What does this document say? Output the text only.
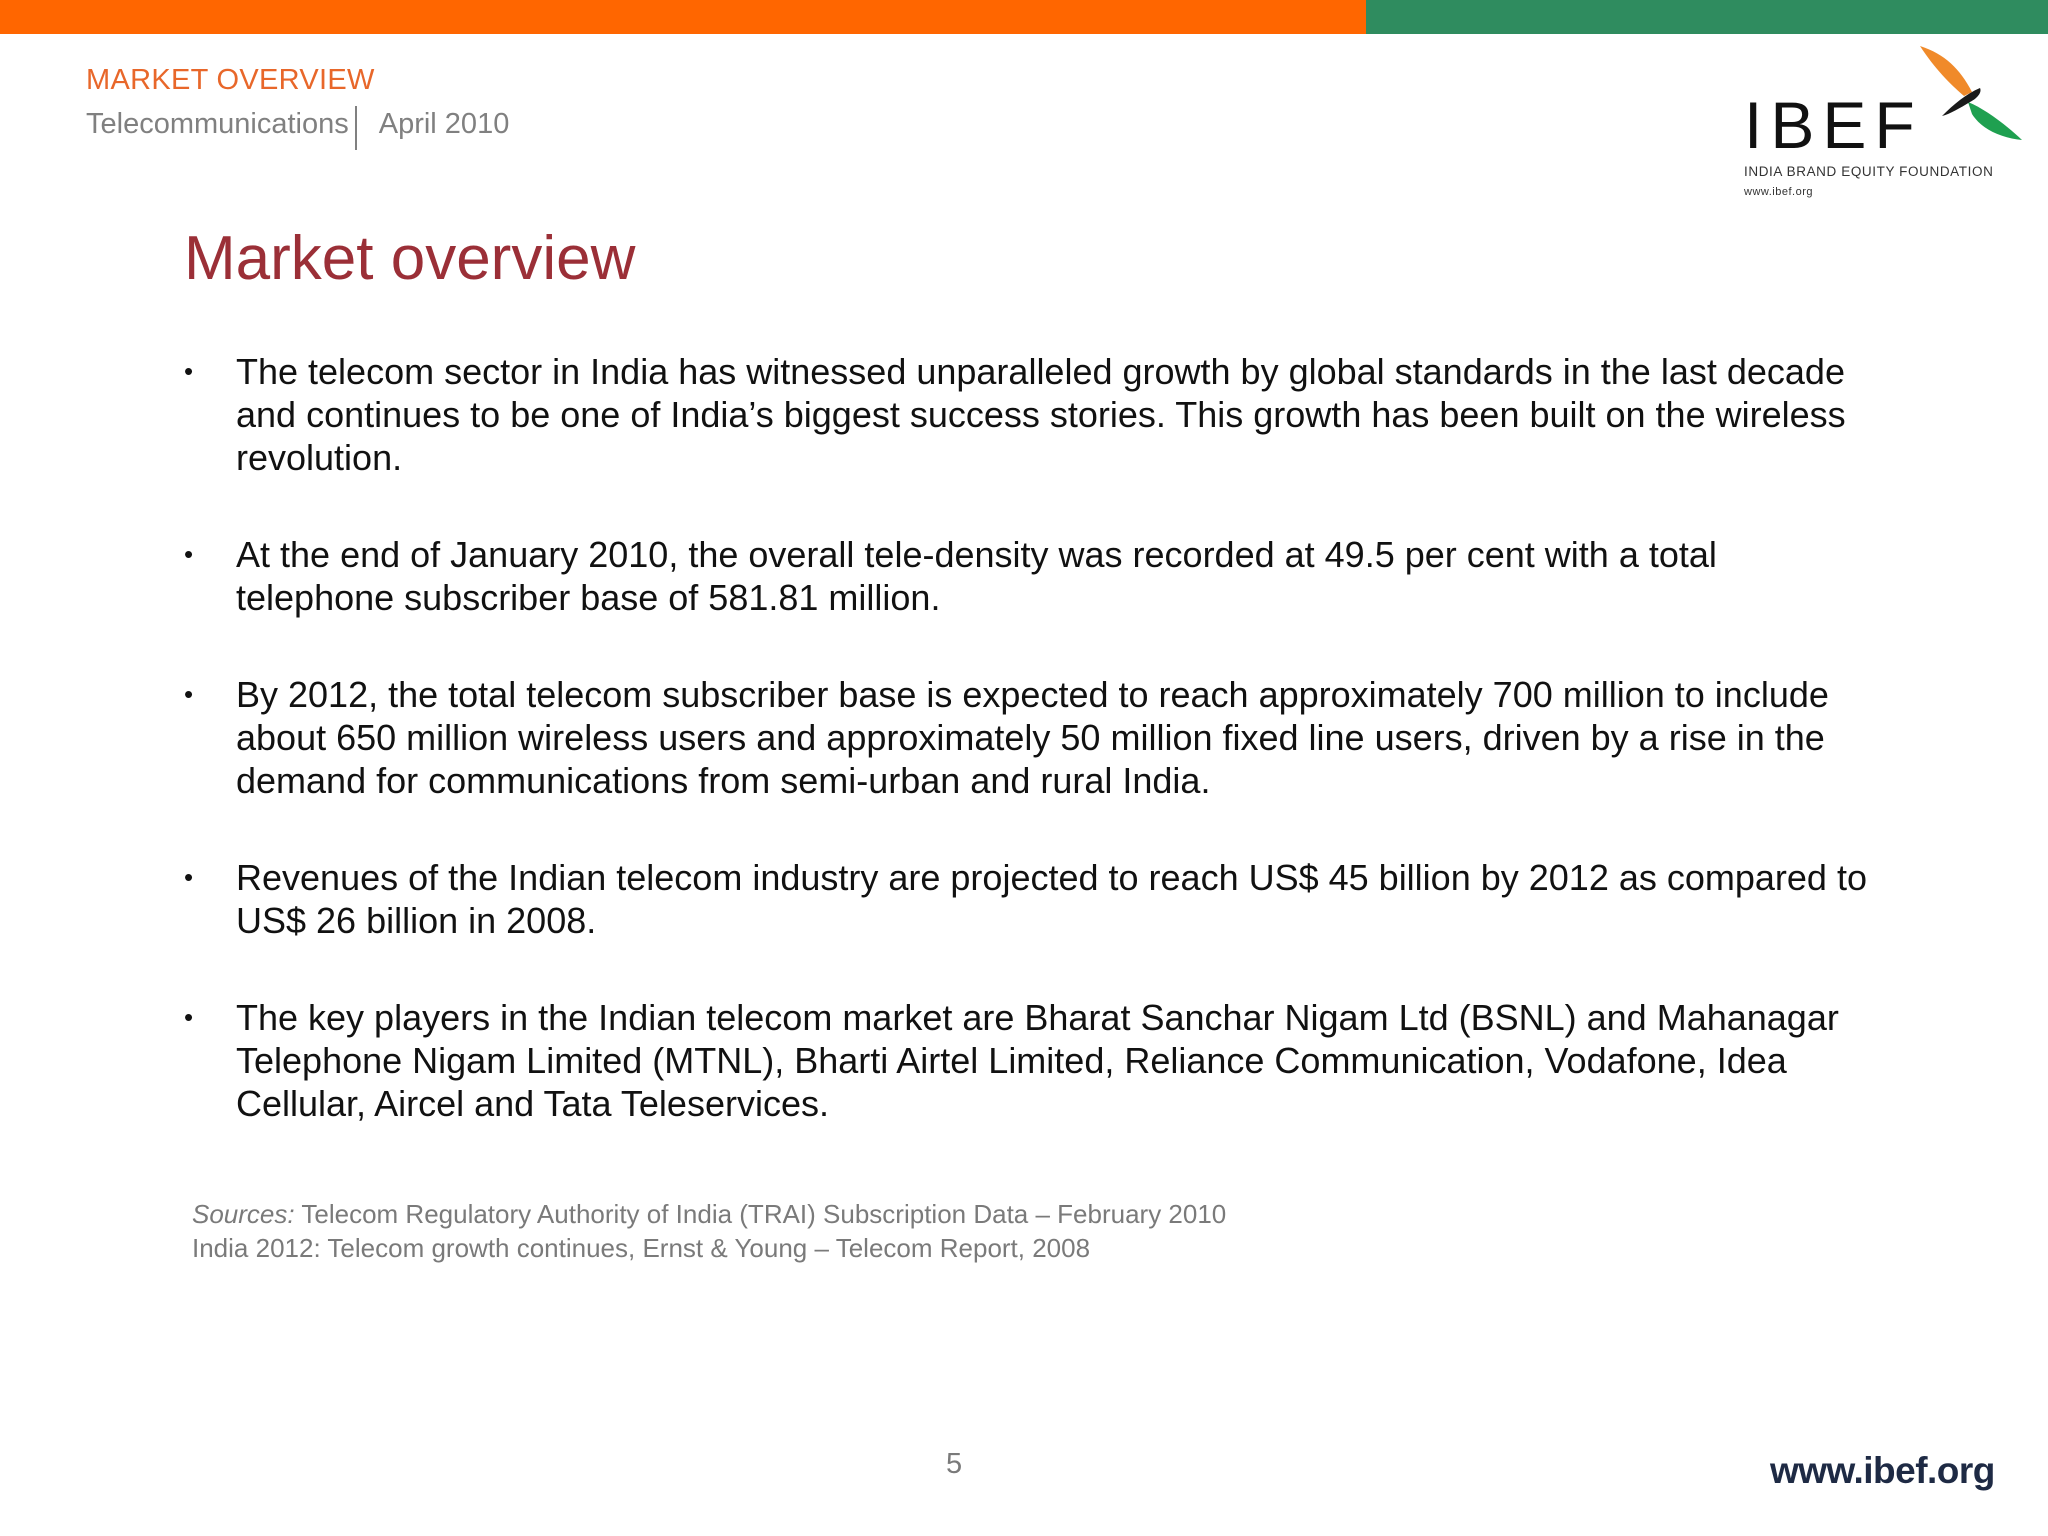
MARKET OVERVIEW
Telecommunications April 2010	IBEF
INDIA BRAND EQUITY FOUNDATION
www.ibef.org
Market overview
• The telecom sector in India has witnessed unparalleled growth by global standards in the last decade and continues to be one of India’s biggest success stories. This growth has been built on the wireless revolution.
• At the end of January 2010, the overall tele-density was recorded at 49.5 per cent with a total telephone subscriber base of 581.81 million.
• By 2012, the total telecom subscriber base is expected to reach approximately 700 million to include about 650 million wireless users and approximately 50 million fixed line users, driven by a rise in the demand for communications from semi-urban and rural India.
• Revenues of the Indian telecom industry are projected to reach US$ 45 billion by 2012 as compared to US$ 26 billion in 2008.
• The key players in the Indian telecom market are Bharat Sanchar Nigam Ltd (BSNL) and Mahanagar Telephone Nigam Limited (MTNL), Bharti Airtel Limited, Reliance Communication, Vodafone, Idea Cellular, Aircel and Tata Teleservices.
Sources: Telecom Regulatory Authority of India (TRAI) Subscription Data – February 2010
India 2012: Telecom growth continues, Ernst & Young – Telecom Report, 2008
5	www.ibef.org
